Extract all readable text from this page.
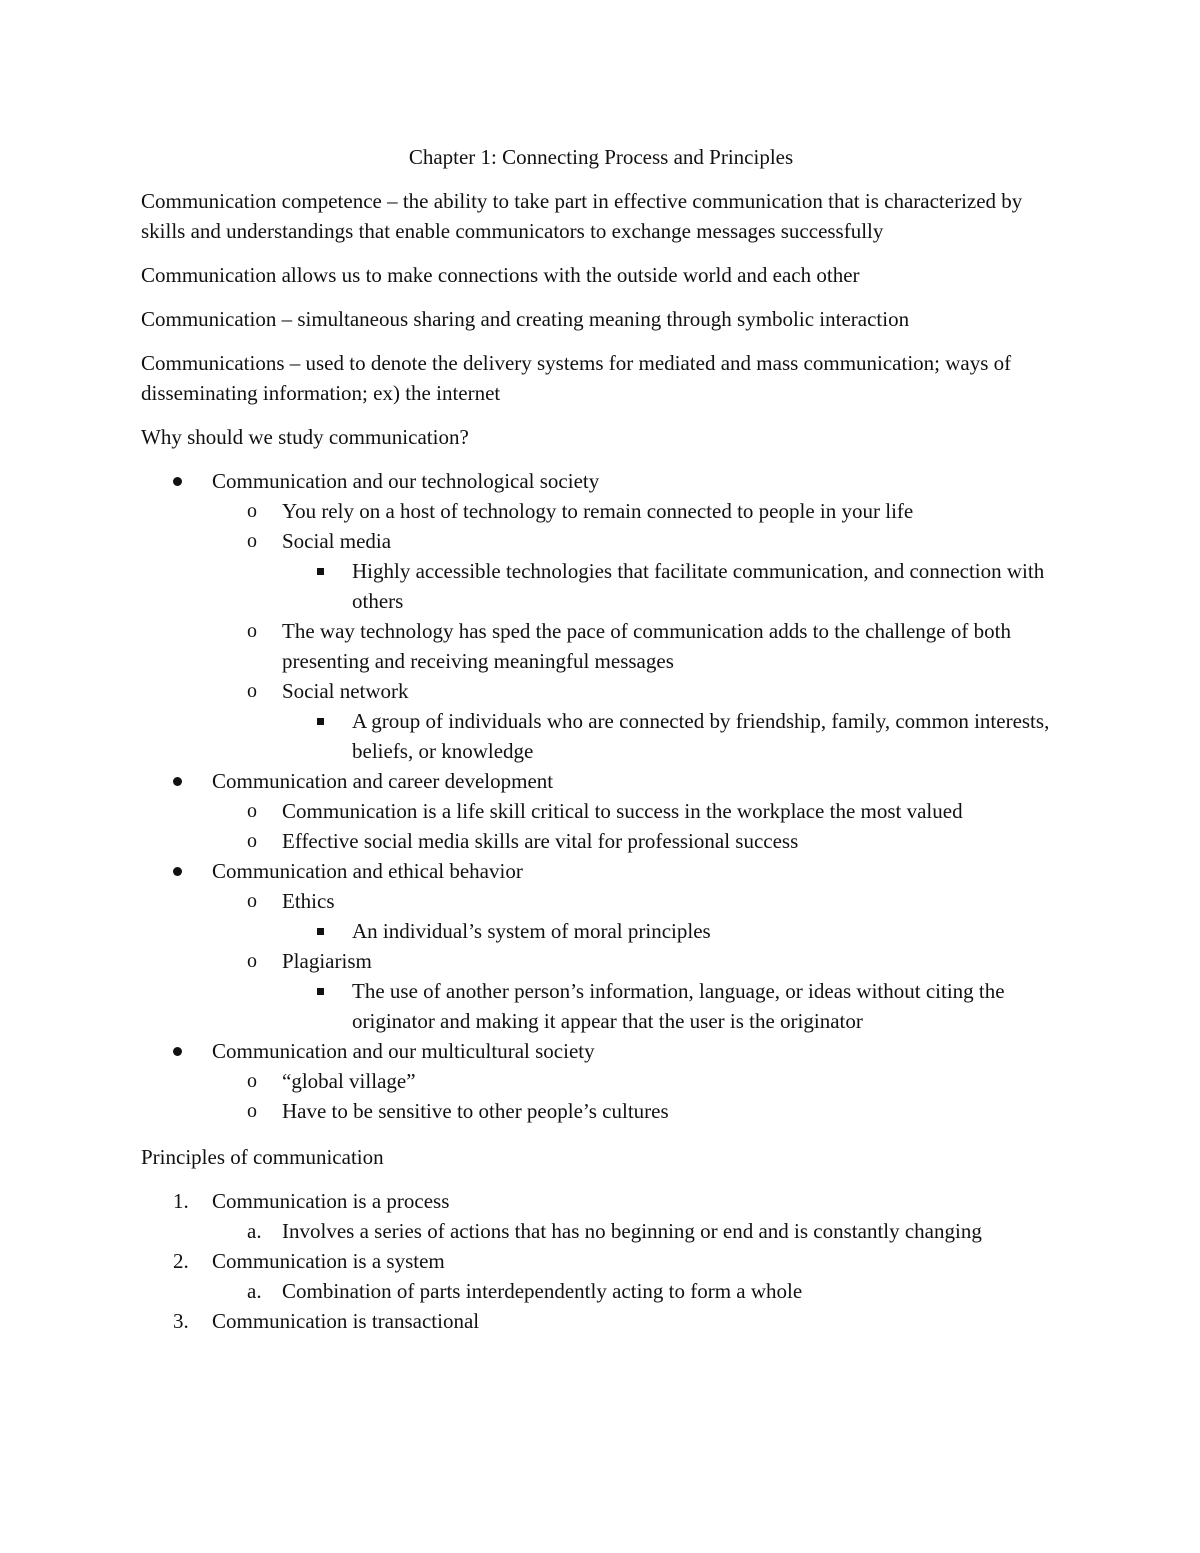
Chapter 1: Connecting Process and Principles
Communication competence – the ability to take part in effective communication that is characterized by skills and understandings that enable communicators to exchange messages successfully
Communication allows us to make connections with the outside world and each other
Communication – simultaneous sharing and creating meaning through symbolic interaction
Communications – used to denote the delivery systems for mediated and mass communication; ways of disseminating information; ex) the internet
Why should we study communication?
Communication and our technological society
o You rely on a host of technology to remain connected to people in your life
o Social media
Highly accessible technologies that facilitate communication, and connection with others
o The way technology has sped the pace of communication adds to the challenge of both presenting and receiving meaningful messages
o Social network
A group of individuals who are connected by friendship, family, common interests, beliefs, or knowledge
Communication and career development
o Communication is a life skill critical to success in the workplace the most valued
o Effective social media skills are vital for professional success
Communication and ethical behavior
o Ethics
An individual’s system of moral principles
o Plagiarism
The use of another person’s information, language, or ideas without citing the originator and making it appear that the user is the originator
Communication and our multicultural society
o “global village”
o Have to be sensitive to other people’s cultures
Principles of communication
1. Communication is a process
a. Involves a series of actions that has no beginning or end and is constantly changing
2. Communication is a system
a. Combination of parts interdependently acting to form a whole
3. Communication is transactional
